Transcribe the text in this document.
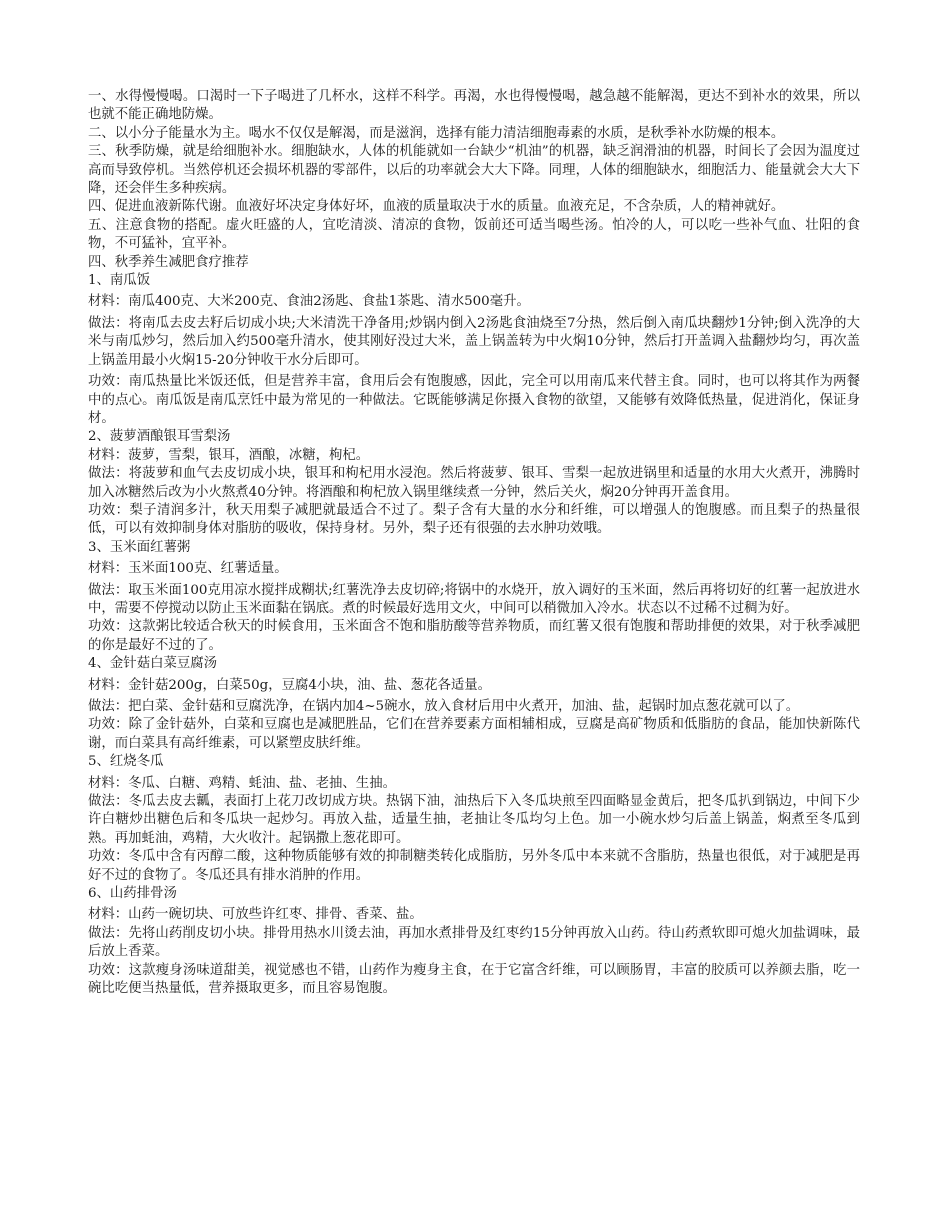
一、水得慢慢喝。口渴时一下子喝进了几杯水，这样不科学。再渴，水也得慢慢喝，越急越不能解渴，更达不到补水的效果，所以也就不能正确地防燥。

二、以小分子能量水为主。喝水不仅仅是解渴，而是滋润，选择有能力清洁细胞毒素的水质，是秋季补水防燥的根本。

三、秋季防燥，就是给细胞补水。细胞缺水，人体的机能就如一台缺少“机油”的机器，缺乏润滑油的机器，时间长了会因为温度过高而导致停机。当然停机还会损坏机器的零部件，以后的功率就会大大下降。同理，人体的细胞缺水，细胞活力、能量就会大大下降，还会伴生多种疾病。

四、促进血液新陈代谢。血液好坏决定身体好坏，血液的质量取决于水的质量。血液充足，不含杂质，人的精神就好。

五、注意食物的搭配。虚火旺盛的人，宜吃清淡、清凉的食物，饭前还可适当喝些汤。怕冷的人，可以吃一些补气血、壮阳的食物，不可猛补，宜平补。

四、秋季养生减肥食疗推荐

1、南瓜饭

材料：南瓜400克、大米200克、食油2汤匙、食盐1茶匙、清水500毫升。

做法：将南瓜去皮去籽后切成小块;大米清洗干净备用;炒锅内倒入2汤匙食油烧至7分热，然后倒入南瓜块翻炒1分钟;倒入洗净的大米与南瓜炒匀，然后加入约500毫升清水，使其刚好没过大米，盖上锅盖转为中火焖10分钟，然后打开盖调入盐翻炒均匀，再次盖上锅盖用最小火焖15-20分钟收干水分后即可。

功效：南瓜热量比米饭还低，但是营养丰富，食用后会有饱腹感，因此，完全可以用南瓜来代替主食。同时，也可以将其作为两餐中的点心。南瓜饭是南瓜烹饪中最为常见的一种做法。它既能够满足你摄入食物的欲望，又能够有效降低热量，促进消化，保证身材。

2、菠萝酒酿银耳雪梨汤

材料：菠萝，雪梨，银耳，酒酿，冰糖，枸杞。

做法：将菠萝和血气去皮切成小块，银耳和枸杞用水浸泡。然后将菠萝、银耳、雪梨一起放进锅里和适量的水用大火煮开，沸腾时加入冰糖然后改为小火熬煮40分钟。将酒酿和枸杞放入锅里继续煮一分钟，然后关火，焖20分钟再开盖食用。

功效：梨子清润多汁，秋天用梨子减肥就最适合不过了。梨子含有大量的水分和纤维，可以增强人的饱腹感。而且梨子的热量很低，可以有效抑制身体对脂肪的吸收，保持身材。另外，梨子还有很强的去水肿功效哦。

3、玉米面红薯粥

材料：玉米面100克、红薯适量。

做法：取玉米面100克用凉水搅拌成糊状;红薯洗净去皮切碎;将锅中的水烧开，放入调好的玉米面，然后再将切好的红薯一起放进水中，需要不停搅动以防止玉米面黏在锅底。煮的时候最好选用文火，中间可以稍微加入冷水。状态以不过稀不过稠为好。

功效：这款粥比较适合秋天的时候食用，玉米面含不饱和脂肪酸等营养物质，而红薯又很有饱腹和帮助排便的效果，对于秋季减肥的你是最好不过的了。

4、金针菇白菜豆腐汤

材料：金针菇200g，白菜50g，豆腐4小块，油、盐、葱花各适量。

做法：把白菜、金针菇和豆腐洗净，在锅内加4~5碗水，放入食材后用中火煮开，加油、盐，起锅时加点葱花就可以了。

功效：除了金针菇外，白菜和豆腐也是减肥胜品，它们在营养要素方面相辅相成，豆腐是高矿物质和低脂肪的食品，能加快新陈代谢，而白菜具有高纤维素，可以紧塑皮肤纤维。

5、红烧冬瓜

材料：冬瓜、白糖、鸡精、蚝油、盐、老抽、生抽。

做法：冬瓜去皮去瓤，表面打上花刀改切成方块。热锅下油，油热后下入冬瓜块煎至四面略显金黄后，把冬瓜扒到锅边，中间下少许白糖炒出糖色后和冬瓜块一起炒匀。再放入盐，适量生抽，老抽让冬瓜均匀上色。加一小碗水炒匀后盖上锅盖，焖煮至冬瓜到熟。再加蚝油，鸡精，大火收汁。起锅撒上葱花即可。

功效：冬瓜中含有丙醇二酸，这种物质能够有效的抑制糖类转化成脂肪，另外冬瓜中本来就不含脂肪，热量也很低，对于减肥是再好不过的食物了。冬瓜还具有排水消肿的作用。

6、山药排骨汤

材料：山药一碗切块、可放些许红枣、排骨、香菜、盐。

做法：先将山药削皮切小块。排骨用热水川烫去油，再加水煮排骨及红枣约15分钟再放入山药。待山药煮软即可熄火加盐调味，最后放上香菜。

功效：这款瘦身汤味道甜美，视觉感也不错，山药作为瘦身主食，在于它富含纤维，可以顾肠胃，丰富的胶质可以养颜去脂，吃一碗比吃便当热量低，营养摄取更多，而且容易饱腹。
